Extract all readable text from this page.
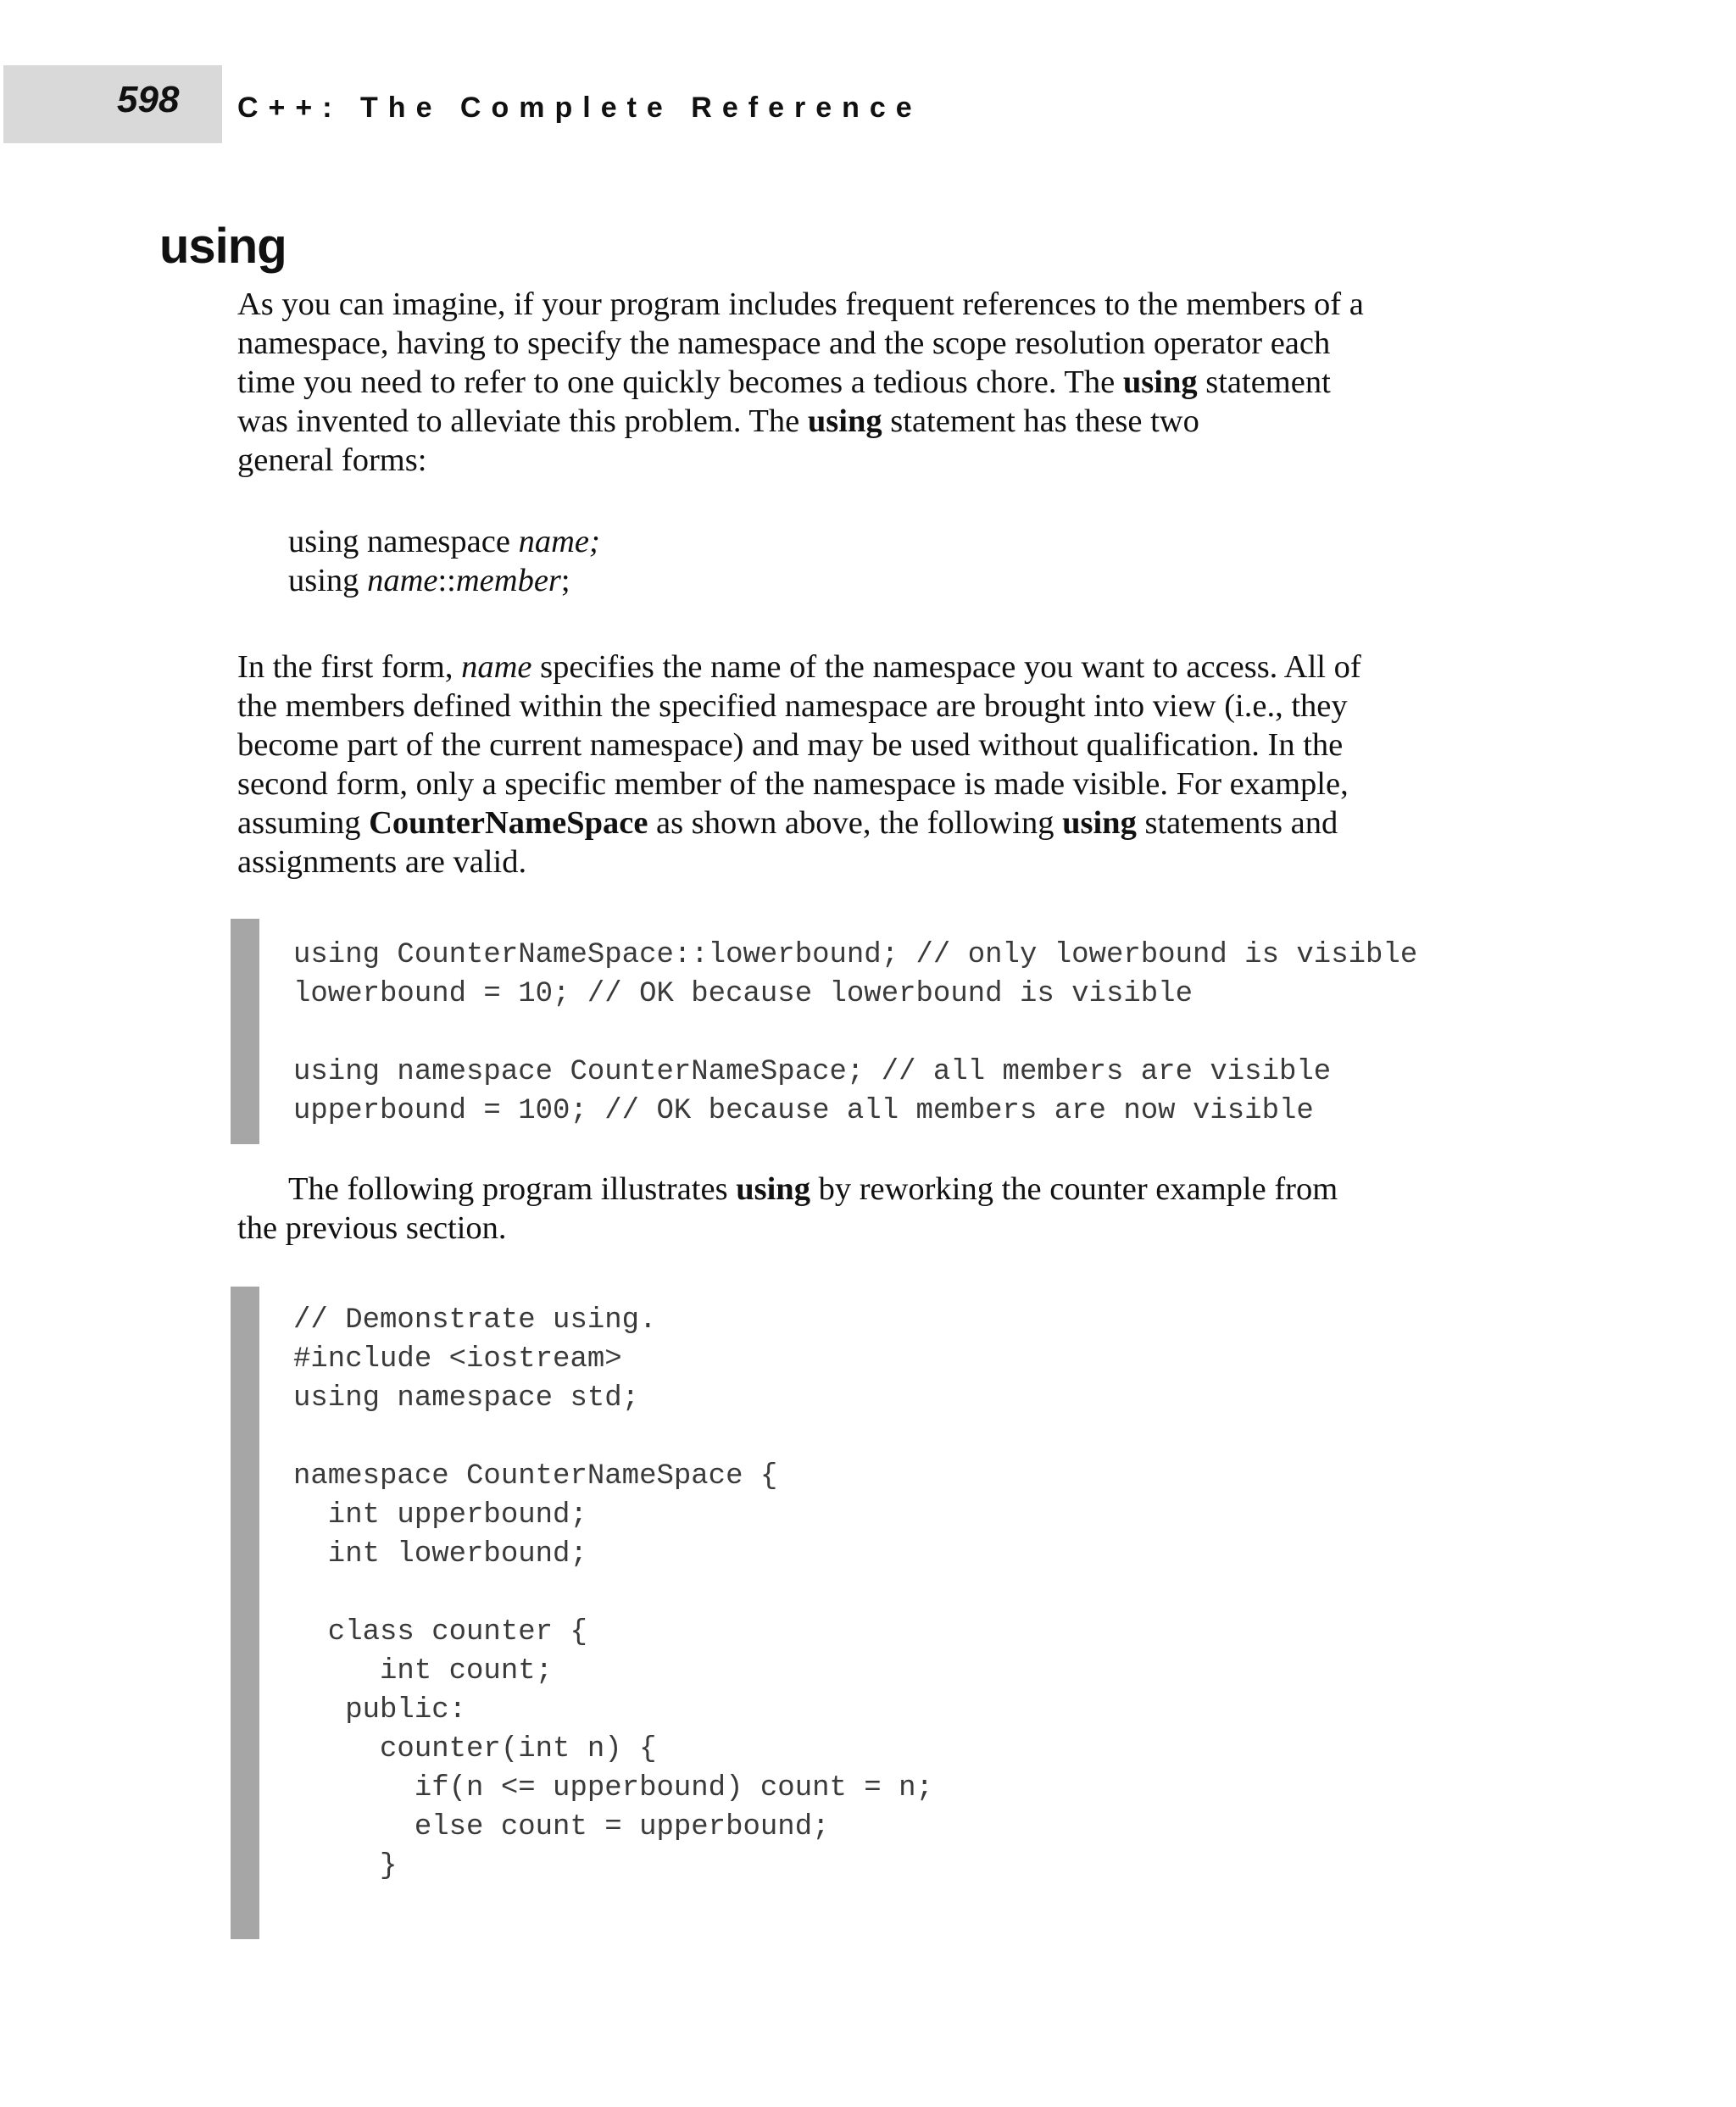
598 C++: The Complete Reference
using
As you can imagine, if your program includes frequent references to the members of a
namespace, having to specify the namespace and the scope resolution operator each
time you need to refer to one quickly becomes a tedious chore. The using statement
was invented to alleviate this problem. The using statement has these two
general forms:
using namespace name;
using name::member;
In the first form, name specifies the name of the namespace you want to access. All of
the members defined within the specified namespace are brought into view (i.e., they
become part of the current namespace) and may be used without qualification. In the
second form, only a specific member of the namespace is made visible. For example,
assuming CounterNameSpace as shown above, the following using statements and
assignments are valid.
using CounterNameSpace::lowerbound; // only lowerbound is visible
lowerbound = 10; // OK because lowerbound is visible
using namespace CounterNameSpace; // all members are visible
upperbound = 100; // OK because all members are now visible
The following program illustrates using by reworking the counter example from
the previous section.
// Demonstrate using.
#include <iostream>
using namespace std;
namespace CounterNameSpace {
int upperbound;
int lowerbound;
class counter {
int count;
public:
counter(int n) {
if(n <= upperbound) count = n;
else count = upperbound;
}
